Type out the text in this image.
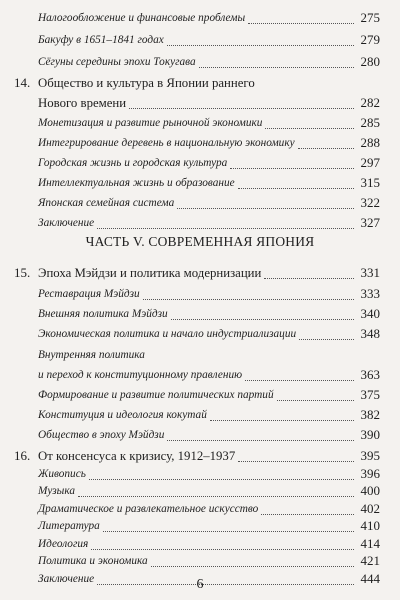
Налогообложение и финансовые проблемы	275
Бакуфу в 1651–1841 годах	279
Сёгуны середины эпохи Токугава	280
14. Общество и культура в Японии раннего
Нового времени	282
Монетизация и развитие рыночной экономики	285
Интегрирование деревень в национальную экономику	288
Городская жизнь и городская культура	297
Интеллектуальная жизнь и образование	315
Японская семейная система	322
Заключение	327
15. Эпоха Мэйдзи и политика модернизации	331
Реставрация Мэйдзи	333
Внешняя политика Мэйдзи	340
Экономическая политика и начало индустриализации	348
Внутренняя политика
и переход к конституционному правлению	363
Формирование и развитие политических партий	375
Конституция и идеология кокутай	382
Общество в эпоху Мэйдзи	390
16. От консенсуса к кризису, 1912–1937	395
Живопись	396
Музыка	400
Драматическое и развлекательное искусство	402
Литература	410
Идеология	414
Политика и экономика	421
Заключение	444
ЧАСТЬ V. СОВРЕМЕННАЯ ЯПОНИЯ
6
